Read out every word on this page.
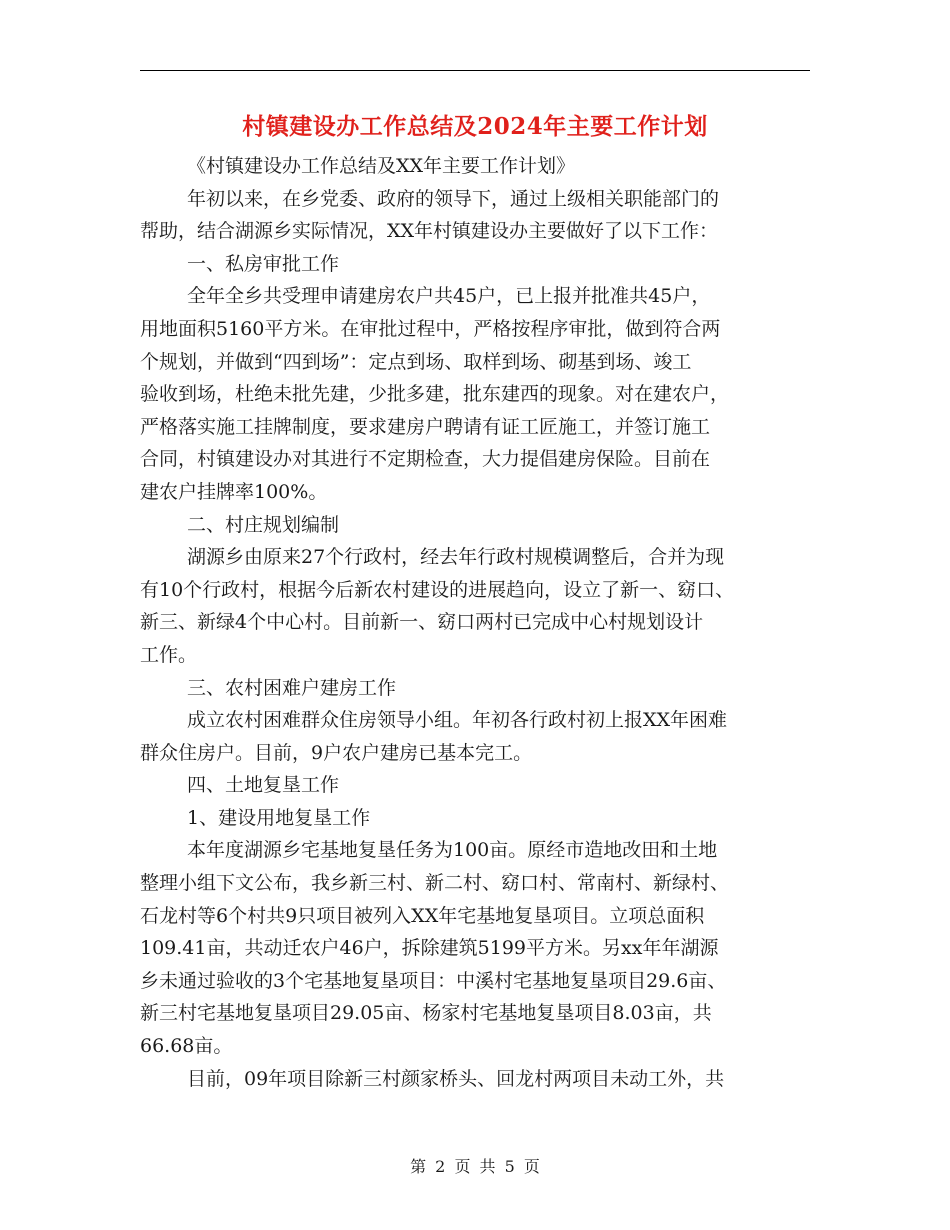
村镇建设办工作总结及2024年主要工作计划
《村镇建设办工作总结及XX年主要工作计划》
年初以来，在乡党委、政府的领导下，通过上级相关职能部门的
帮助，结合湖源乡实际情况，XX年村镇建设办主要做好了以下工作：
一、私房审批工作
全年全乡共受理申请建房农户共45户，已上报并批准共45户，
用地面积5160平方米。在审批过程中，严格按程序审批，做到符合两
个规划，并做到“四到场”：定点到场、取样到场、砌基到场、竣工
验收到场，杜绝未批先建，少批多建，批东建西的现象。对在建农户，
严格落实施工挂牌制度，要求建房户聘请有证工匠施工，并签订施工
合同，村镇建设办对其进行不定期检查，大力提倡建房保险。目前在
建农户挂牌率100%。
二、村庄规划编制
湖源乡由原来27个行政村，经去年行政村规模调整后，合并为现
有10个行政村，根据今后新农村建设的进展趋向，设立了新一、窈口、
新三、新绿4个中心村。目前新一、窈口两村已完成中心村规划设计
工作。
三、农村困难户建房工作
成立农村困难群众住房领导小组。年初各行政村初上报XX年困难
群众住房户。目前，9户农户建房已基本完工。
四、土地复垦工作
1、建设用地复垦工作
本年度湖源乡宅基地复垦任务为100亩。原经市造地改田和土地
整理小组下文公布，我乡新三村、新二村、窈口村、常南村、新绿村、
石龙村等6个村共9只项目被列入XX年宅基地复垦项目。立项总面积
109.41亩，共动迁农户46户，拆除建筑5199平方米。另xx年年湖源
乡未通过验收的3个宅基地复垦项目：中溪村宅基地复垦项目29.6亩、
新三村宅基地复垦项目29.05亩、杨家村宅基地复垦项目8.03亩，共
66.68亩。
目前，09年项目除新三村颜家桥头、回龙村两项目未动工外，共
第 2 页 共 5 页
